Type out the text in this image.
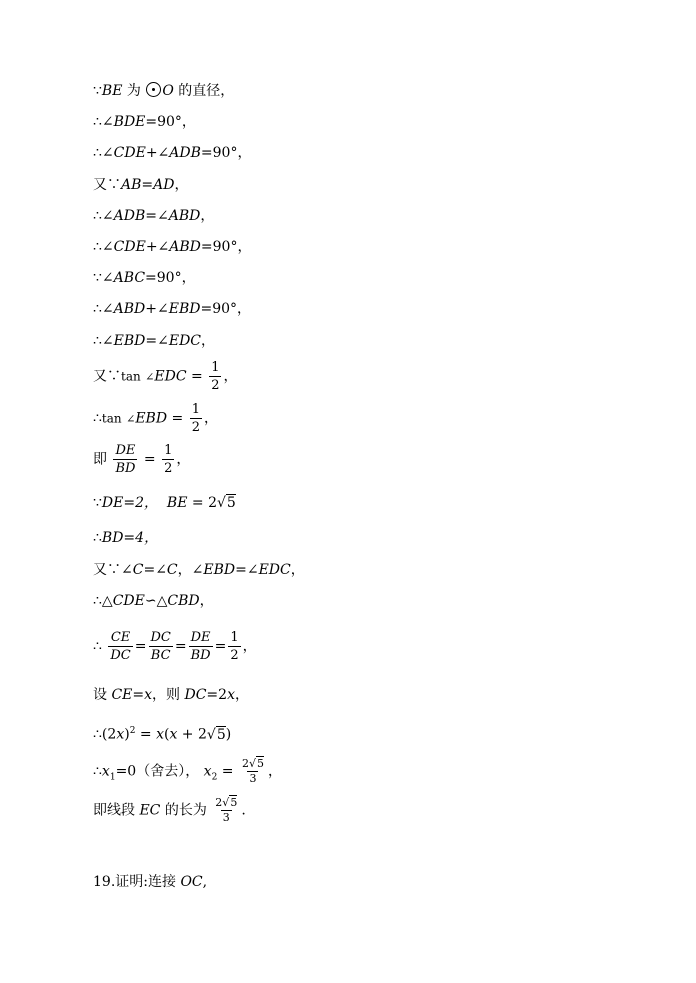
∵BE 为 O 的直径，
∴∠BDE=90°，
∴∠CDE+∠ADB=90°，
又∵AB=AD，
∴∠ADB=∠ABD，
∴∠CDE+∠ABD=90°，
∵∠ABC=90°，
∴∠ABD+∠EBD=90°，
∴∠EBD=∠EDC，
又∵tan ∠EDC = $\frac{1}{2}$ ，
∴tan ∠EBD = $\frac{1}{2}$ ，
即 $\frac{DE}{BD} = \frac{1}{2}$ ，
∵DE=2， BE = 2√5
∴BD=4，
又∵∠C=∠C，∠EBD=∠EDC，
∴△CDE∽△CBD，
∴ $\frac{CE}{DC} = \frac{DC}{BC} = \frac{DE}{BD} = \frac{1}{2}$ ，
设 CE=x，则 DC=2x，
$\therefore(2x)^2 = x(x + 2√5)$
$\therefore x_1=0$（舍去）， $x_2 = \frac{2√5}{3}$ ，
即线段 EC 的长为 $\frac{2√5}{3}$ .
19.证明:连接 OC,
